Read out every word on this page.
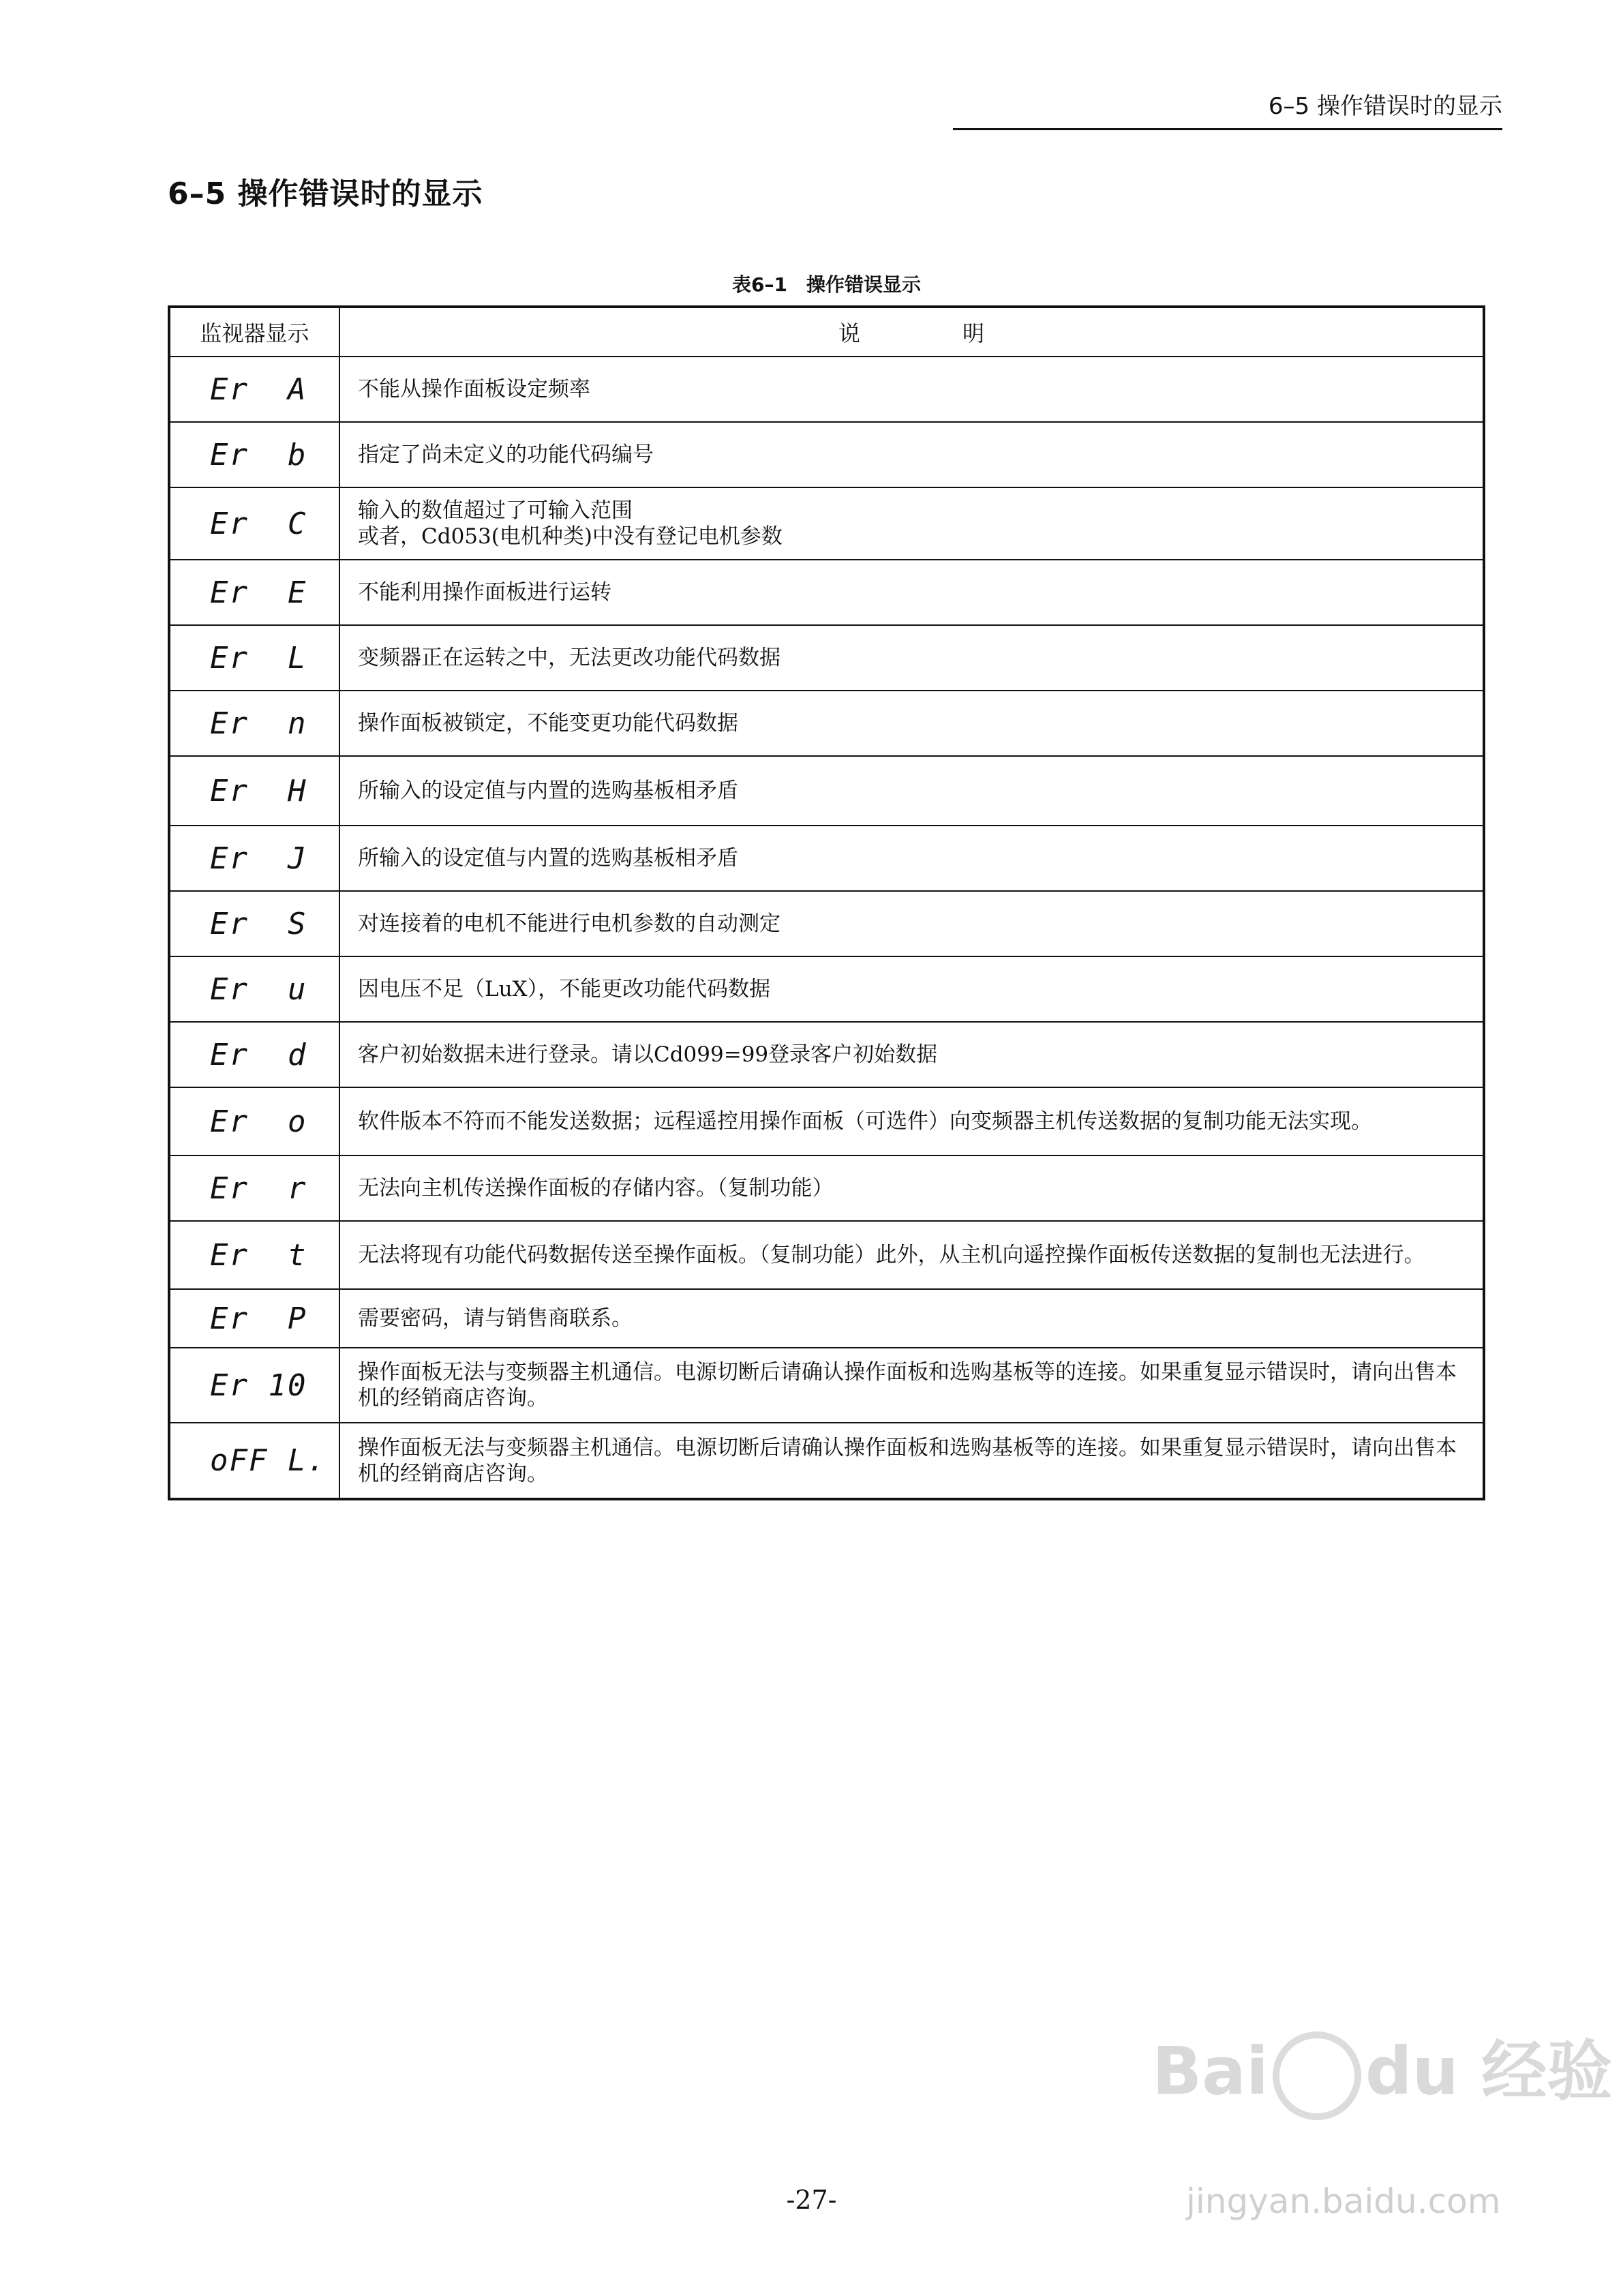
6–5 操作错误时的显示
6–5 操作错误时的显示
表6–1　操作错误显示
监视器显示	说明
Er  A	不能从操作面板设定频率

Er  b	指定了尚未定义的功能代码编号

Er  C	输入的数值超过了可输入范围
或者，Cd053(电机种类)中没有登记电机参数

Er  E	不能利用操作面板进行运转

Er  L	变频器正在运转之中，无法更改功能代码数据

Er  n	操作面板被锁定，不能变更功能代码数据

Er  H	所输入的设定值与内置的选购基板相矛盾

Er  J	所输入的设定值与内置的选购基板相矛盾

Er  S	对连接着的电机不能进行电机参数的自动测定

Er  u	因电压不足（LuX），不能更改功能代码数据

Er  d	客户初始数据未进行登录。请以Cd099=99登录客户初始数据

Er  o	软件版本不符而不能发送数据；远程遥控用操作面板（可选件）向变频器主机传送数据的复制功能无法实现。

Er  r	无法向主机传送操作面板的存储内容。（复制功能）

Er  t	无法将现有功能代码数据传送至操作面板。（复制功能）此外，从主机向遥控操作面板传送数据的复制也无法进行。

Er  P	需要密码，请与销售商联系。

Er 10	操作面板无法与变频器主机通信。电源切断后请确认操作面板和选购基板等的连接。如果重复显示错误时，请向出售本机的经销商店咨询。

oFF L.	操作面板无法与变频器主机通信。电源切断后请确认操作面板和选购基板等的连接。如果重复显示错误时，请向出售本机的经销商店咨询。
-27-
Bai du 经验
jingyan.baidu.com
